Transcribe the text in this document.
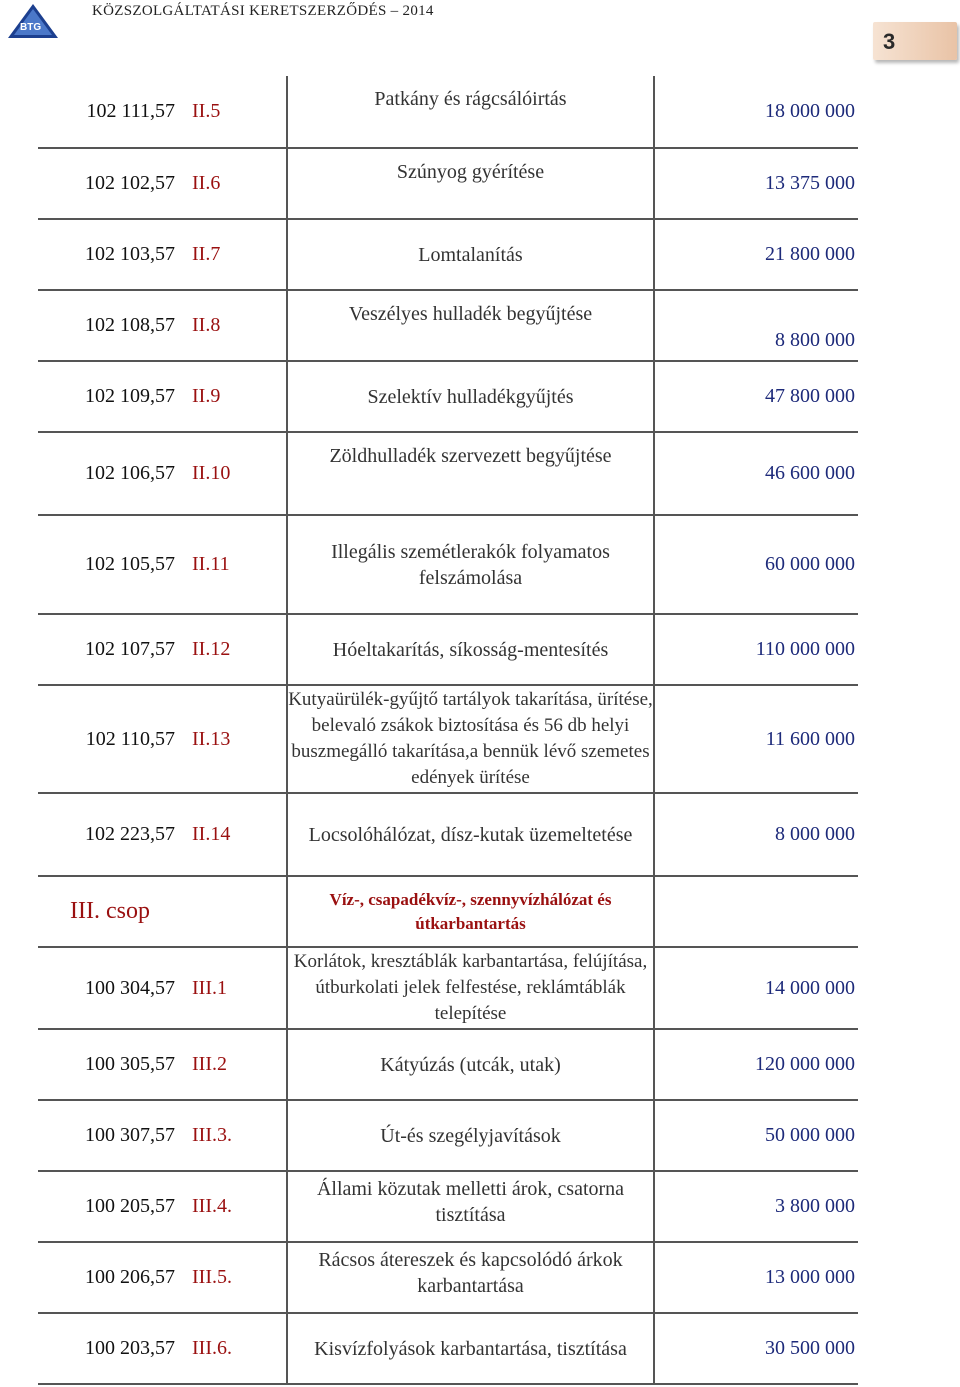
BTG
KÖZSZOLGÁLTATÁSI KERETSZERZŐDÉS – 2014
3
102 111,57	II.5	Patkány és rágcsálóirtás	18 000 000
102 102,57	II.6	Szúnyog gyérítése	13 375 000
102 103,57	II.7	Lomtalanítás	21 800 000
102 108,57	II.8	Veszélyes hulladék begyűjtése	8 800 000
102 109,57	II.9	Szelektív hulladékgyűjtés	47 800 000
102 106,57	II.10	Zöldhulladék szervezett begyűjtése	46 600 000
102 105,57	II.11	Illegális szemétlerakók folyamatos felszámolása	60 000 000
102 107,57	II.12	Hóeltakarítás, síkosság-mentesítés	110 000 000
102 110,57	II.13	Kutyaürülék-gyűjtő tartályok takarítása, ürítése, belevaló zsákok biztosítása és 56 db helyi buszmegálló takarítása,a bennük lévő szemetes edények ürítése	11 600 000
102 223,57	II.14	Locsolóhálózat, dísz-kutak üzemeltetése	8 000 000
III. csop		Víz-, csapadékvíz-, szennyvízhálózat és útkarbantartás	
100 304,57	III.1	Korlátok, kresztáblák karbantartása, felújítása, útburkolati jelek felfestése, reklámtáblák telepítése	14 000 000
100 305,57	III.2	Kátyúzás (utcák, utak)	120 000 000
100 307,57	III.3.	Út-és szegélyjavítások	50 000 000
100 205,57	III.4.	Állami közutak melletti árok, csatorna tisztítása	3 800 000
100 206,57	III.5.	Rácsos átereszek és kapcsolódó árkok karbantartása	13 000 000
100 203,57	III.6.	Kisvízfolyások karbantartása, tisztítása	30 500 000
